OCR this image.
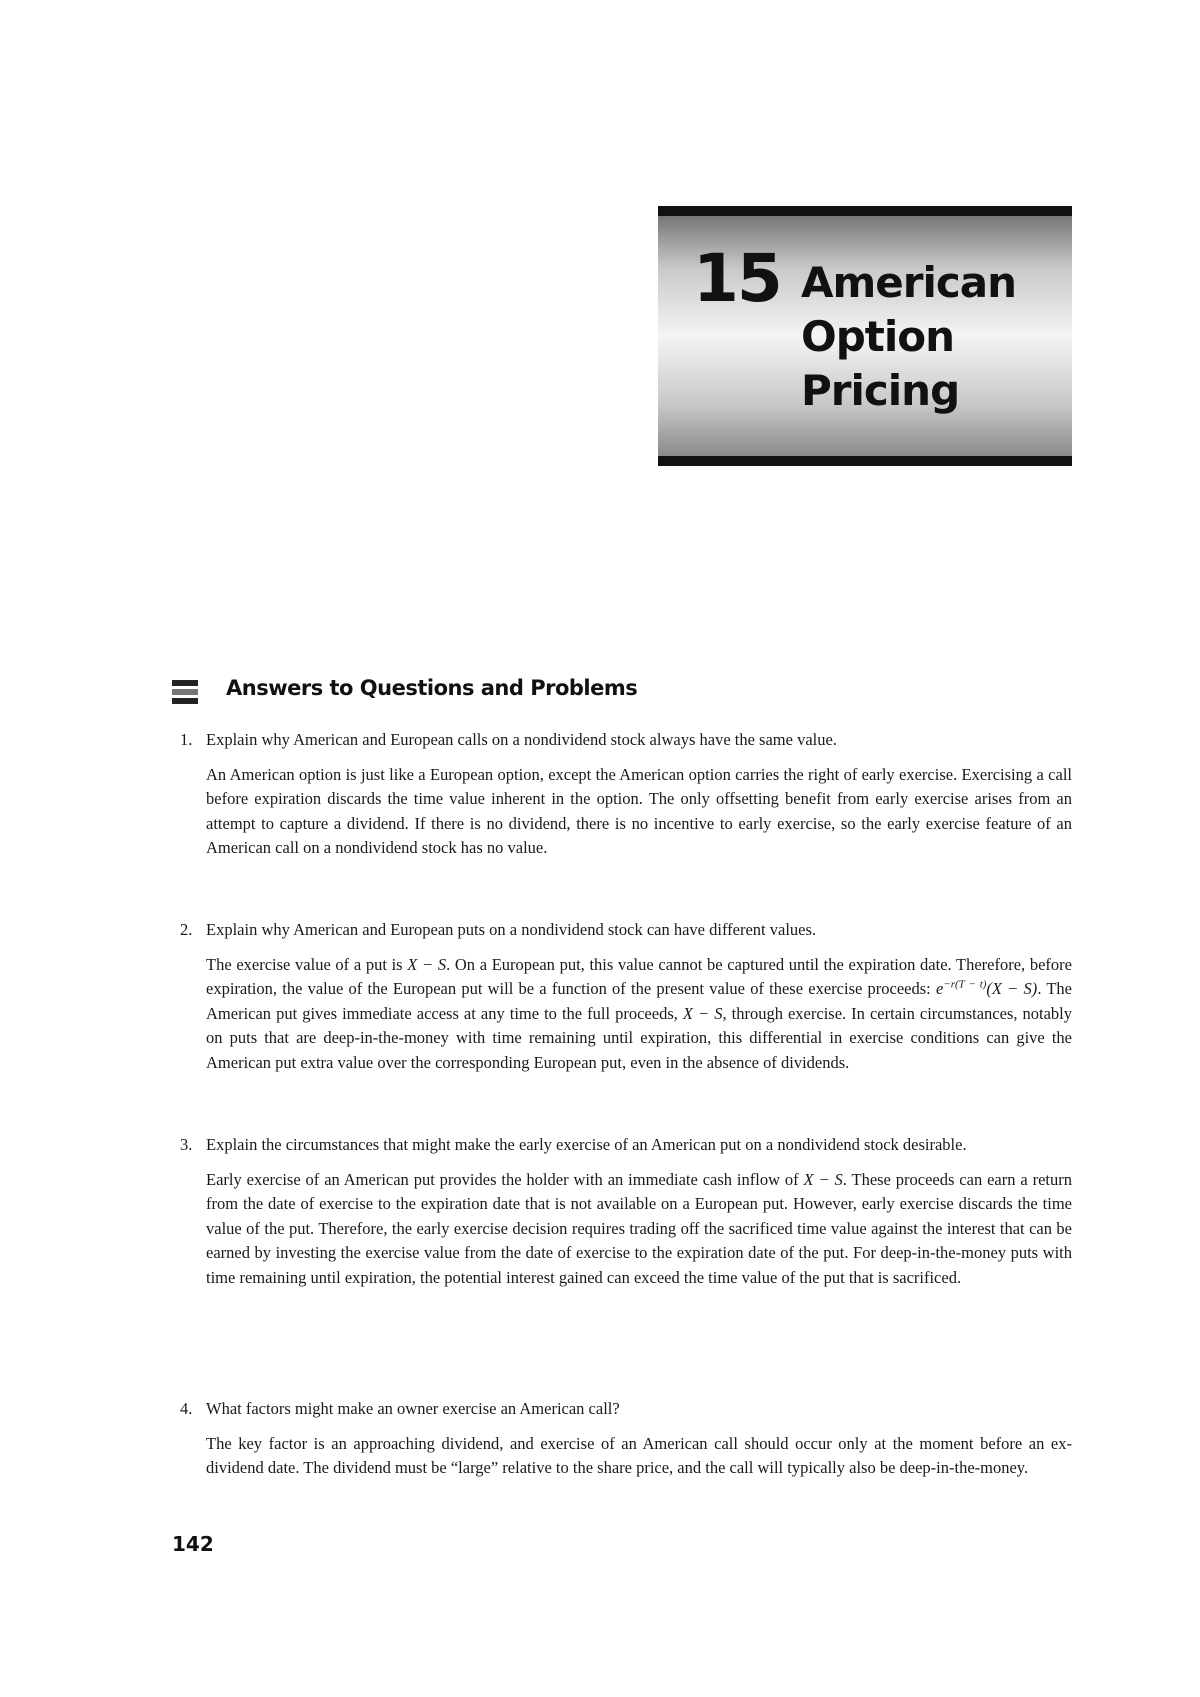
15 American
Option
Pricing
Answers to Questions and Problems
1. Explain why American and European calls on a nondividend stock always have the same value.
An American option is just like a European option, except the American option carries the right of early exercise. Exercising a call before expiration discards the time value inherent in the option. The only offsetting benefit from early exercise arises from an attempt to capture a dividend. If there is no dividend, there is no incentive to early exercise, so the early exercise feature of an American call on a nondividend stock has no value.
2. Explain why American and European puts on a nondividend stock can have different values.
The exercise value of a put is X − S. On a European put, this value cannot be captured until the expiration date. Therefore, before expiration, the value of the European put will be a function of the present value of these exercise proceeds: $e^{-r(T - t)}(X - S)$. The American put gives immediate access at any time to the full proceeds, X − S, through exercise. In certain circumstances, notably on puts that are deep-in-the-money with time remaining until expiration, this differential in exercise conditions can give the American put extra value over the corresponding European put, even in the absence of dividends.
3. Explain the circumstances that might make the early exercise of an American put on a nondividend stock desirable.
Early exercise of an American put provides the holder with an immediate cash inflow of X − S. These proceeds can earn a return from the date of exercise to the expiration date that is not available on a European put. However, early exercise discards the time value of the put. Therefore, the early exercise decision requires trading off the sacrificed time value against the interest that can be earned by investing the exercise value from the date of exercise to the expiration date of the put. For deep-in-the-money puts with time remaining until expiration, the potential interest gained can exceed the time value of the put that is sacrificed.
4. What factors might make an owner exercise an American call?
The key factor is an approaching dividend, and exercise of an American call should occur only at the moment before an ex-dividend date. The dividend must be “large” relative to the share price, and the call will typically also be deep-in-the-money.
142
